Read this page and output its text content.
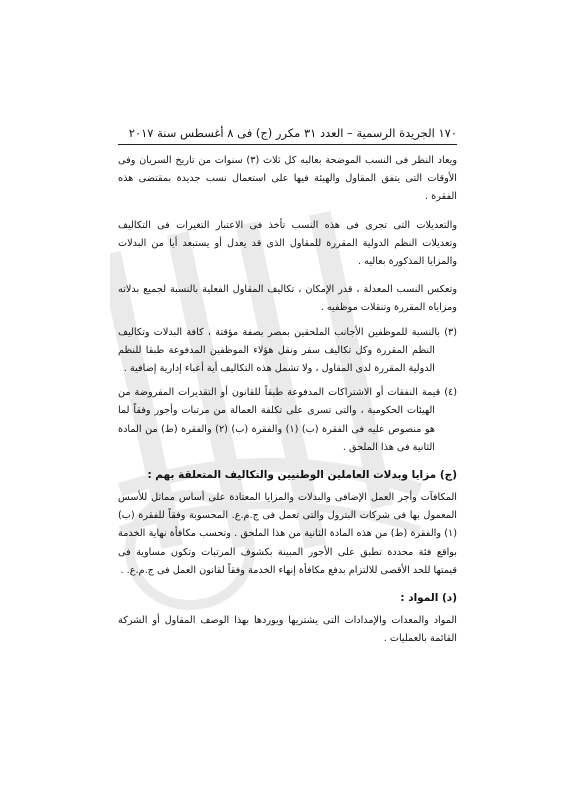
١٧٠ الجريدة الرسمية – العدد ٣١ مكرر (ج) فى ٨ أغسطس سنة ٢٠١٧

ويعاد النظر فى النسب الموضحة بعاليه كل ثلاث (٣) سنوات من تاريخ السريان وفى الأوقات التى يتفق المقاول والهيئة فيها على استعمال نسب جديدة بمقتضى هذه الفقرة .

والتعديلات التى تجرى فى هذه النسب تأخذ فى الاعتبار التغيرات فى التكاليف وتعديلات النظم الدولية المقررة للمقاول الذى قد يعدل أو يستبعد أيا من البدلات والمزايا المذكورة بعاليه .

وتعكس النسب المعدلة ، قدر الإمكان ، تكاليف المقاول الفعلية بالنسبة لجميع بدلاته ومزاياه المقررة وتنقلات موظفيه .

(٣) بالنسبة للموظفين الأجانب الملحقين بمصر بصفة مؤقتة ، كافة البدلات وتكاليف النظم المقررة وكل تكاليف سفر ونقل هؤلاء الموظفين المدفوعة طبقا للنظم الدولية المقررة لدى المقاول ، ولا تشمل هذه التكاليف أية أعباء إدارية إضافية .

(٤) قيمة النفقات أو الاشتراكات المدفوعة طبقاً للقانون أو التقديرات المفروضة من الهيئات الحكومية ، والتى تسرى على تكلفة العمالة من مرتبات وأجور وفقاً لما هو منصوص عليه فى الفقرة (ب) (١) والفقرة (ب) (٢) والفقرة (ط) من المادة الثانية فى هذا الملحق .

(ج) مزايا وبدلات العاملين الوطنيين والتكاليف المتعلقة بهم :

المكافآت وأجر العمل الإضافى والبدلات والمزايا المعتادة على أساس مماثل للأسس المعمول بها فى شركات البترول والتى تعمل فى ج.م.ع. المحسوبة وفقاً للفقرة (ب) (١) والفقرة (ط) من هذه المادة الثانية من هذا الملحق . وتحسب مكافأة نهاية الخدمة بواقع فئة محددة تطبق على الأجور المبينة بكشوف المرتبات وتكون مساوية فى قيمتها للحد الأقصى للالتزام بدفع مكافأة إنهاء الخدمة وفقاً لقانون العمل فى ج.م.ع. .

(د) المواد :

المواد والمعدات والإمدادات التى يشتريها ويوردها بهذا الوصف المقاول أو الشركة القائمة بالعمليات .
